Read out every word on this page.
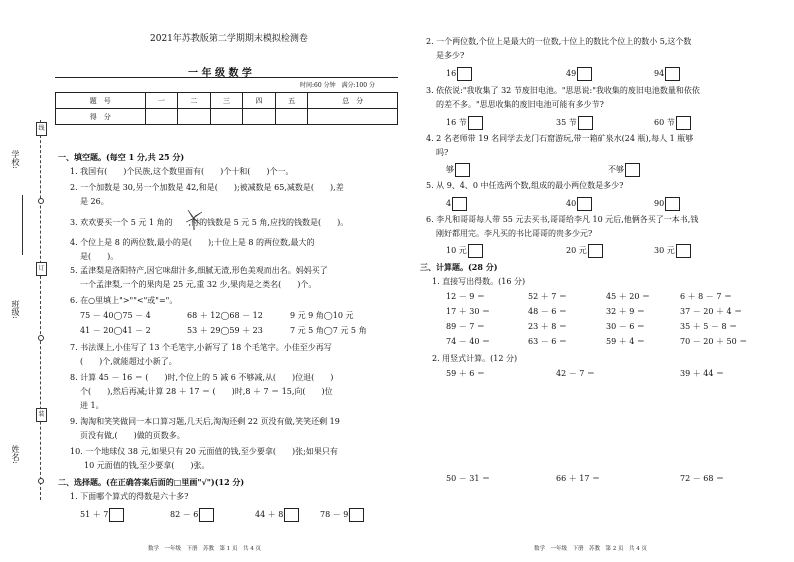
学校:
班级:
姓名:
线
订
装
2021年苏教版第二学期期末模拟检测卷
一 年 级 数 学
时间:60 分钟　满分:100 分
题　号	一	二	三	四	五	总　分
得　分						
一、填空题。(每空 1 分,共 25 分)
1. 我国有(　　)个民族,这个数里面有(　　)个十和(　　)个一。
2. 一个加数是 30,另一个加数是 42,和是(　　);被减数是 65,减数是(　　),差
是 26。
3. 欢欢要买一个 5 元 1 角的　　,付的钱数是 5 元 5 角,应找的钱数是(　　)。
4. 个位上是 8 的两位数,最小的是(　　);十位上是 8 的两位数,最大的
是(　　)。
5. 孟津梨是洛阳特产,因它味甜汁多,细腻无渣,形色美观而出名。妈妈买了
一个孟津梨,一个的果肉是 25 元,重 32 少,果肉是之类名(　　)个。
6. 在○里填上">""<"或"="。
75 － 40◯75 － 4	68 ＋ 12◯68 － 12	9 元 9 角◯10 元
41 － 20◯41 － 2	53 ＋ 29◯59 ＋ 23	7 元 5 角◯7 元 5 角
7. 书法课上,小佳写了 13 个毛笔字,小新写了 18 个毛笔字。小佳至少再写
(　　)个,就能超过小新了。
8. 计算 45 － 16 ＝ (　　)时,个位上的 5 减 6 不够减,从(　　)位退(　　)
个(　　),然后再减;计算 28 ＋ 17 ＝ (　　)时,8 ＋ 7 ＝ 15,向(　　)位
进 1。
9. 淘淘和笑笑做同一本口算习题,几天后,淘淘还剩 22 页没有做,笑笑还剩 19
页没有做,(　　)做的页数多。
10. 一个地球仪 38 元,如果只有 20 元面值的钱,至少要拿(　　)张;如果只有
10 元面值的钱,至少要拿(　　)张。
二、选择题。(在正确答案后面的□里画"√")(12 分)
1. 下面哪个算式的得数是六十多?
51 ＋ 7	82 － 6	44 ＋ 8	78 － 9
数学　一年级　下册　苏教　第 1 页　共 4 页
2. 一个两位数,个位上是最大的一位数,十位上的数比个位上的数小 5,这个数
是多少?
16	49	94
3. 依依说:"我收集了 32 节废旧电池。"思思说:"我收集的废旧电池数量和依依
的差不多。"思思收集的废旧电池可能有多少节?
16 节	35 节	60 节
4. 2 名老师带 19 名同学去龙门石窟游玩,带一箱矿泉水(24 瓶),每人 1 瓶够
吗?
够	不够
5. 从 9、4、0 中任选两个数,组成的最小两位数是多少?
4	40	90
6. 李凡和哥哥每人带 55 元去买书,哥哥给李凡 10 元后,他俩各买了一本书,钱
刚好都用完。李凡买的书比哥哥的贵多少元?
10 元	20 元	30 元
三、计算题。(28 分)
1. 直接写出得数。(16 分)
12 － 9 ＝	52 ＋ 7 ＝	45 ＋ 20 ＝	6 ＋ 8 － 7 ＝
17 ＋ 30 ＝	48 － 6 ＝	32 ＋ 9 ＝	37 － 20 ＋ 4 ＝
89 － 7 ＝	23 ＋ 8 ＝	30 － 6 ＝	35 ＋ 5 － 8 ＝
74 － 40 ＝	63 － 6 ＝	59 ＋ 4 ＝	70 － 20 ＋ 50 ＝
2. 用竖式计算。(12 分)
59 ＋ 6 ＝	42 － 7 ＝	39 ＋ 44 ＝
50 － 31 ＝	66 ＋ 17 ＝	72 － 68 ＝
数学　一年级　下册　苏教　第 2 页　共 4 页
